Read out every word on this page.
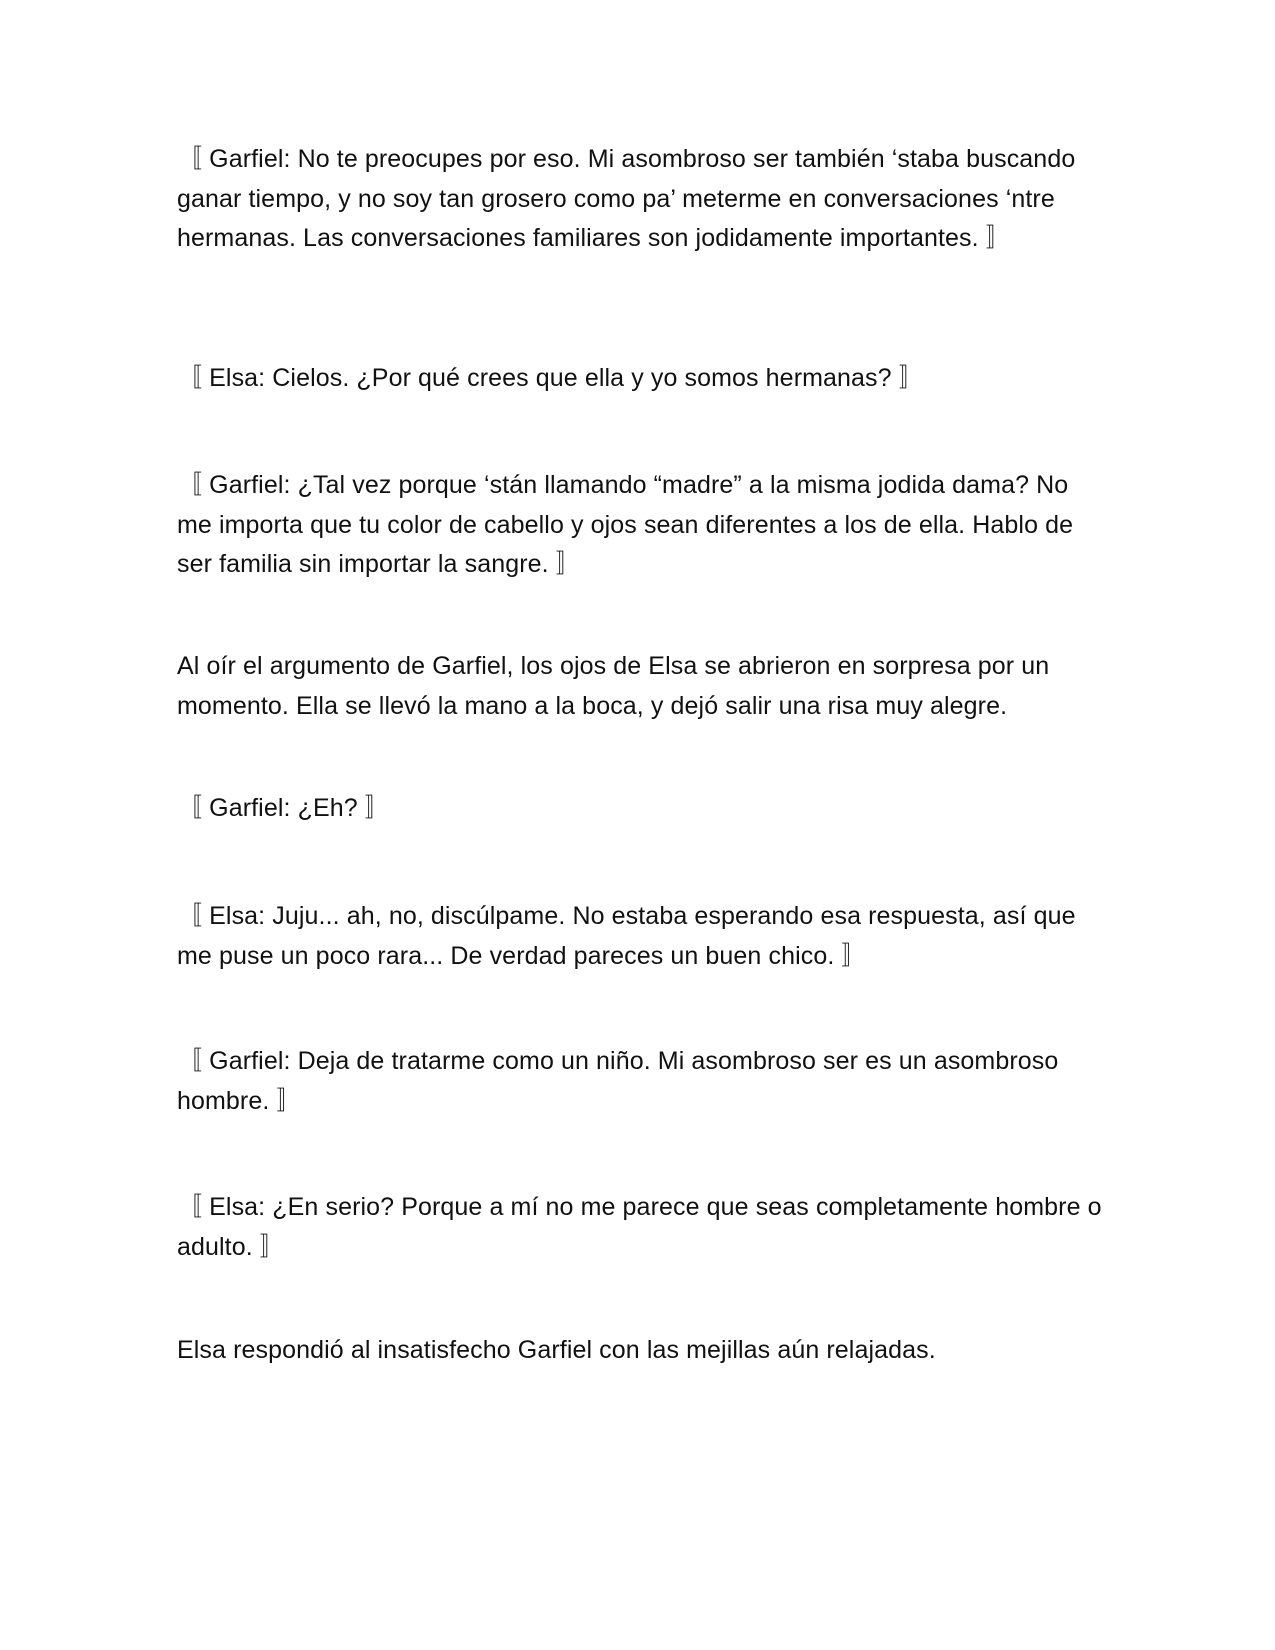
〚 Garfiel: No te preocupes por eso. Mi asombroso ser también ‘staba buscando ganar tiempo, y no soy tan grosero como pa’ meterme en conversaciones ‘ntre hermanas. Las conversaciones familiares son jodidamente importantes. 〛

〚 Elsa: Cielos. ¿Por qué crees que ella y yo somos hermanas? 〛

〚 Garfiel: ¿Tal vez porque ‘stán llamando “madre” a la misma jodida dama? No me importa que tu color de cabello y ojos sean diferentes a los de ella. Hablo de ser familia sin importar la sangre. 〛

Al oír el argumento de Garfiel, los ojos de Elsa se abrieron en sorpresa por un momento. Ella se llevó la mano a la boca, y dejó salir una risa muy alegre.

〚 Garfiel: ¿Eh? 〛

〚 Elsa: Juju... ah, no, discúlpame. No estaba esperando esa respuesta, así que me puse un poco rara... De verdad pareces un buen chico. 〛

〚 Garfiel: Deja de tratarme como un niño. Mi asombroso ser es un asombroso hombre. 〛

〚 Elsa: ¿En serio? Porque a mí no me parece que seas completamente hombre o adulto. 〛

Elsa respondió al insatisfecho Garfiel con las mejillas aún relajadas.
